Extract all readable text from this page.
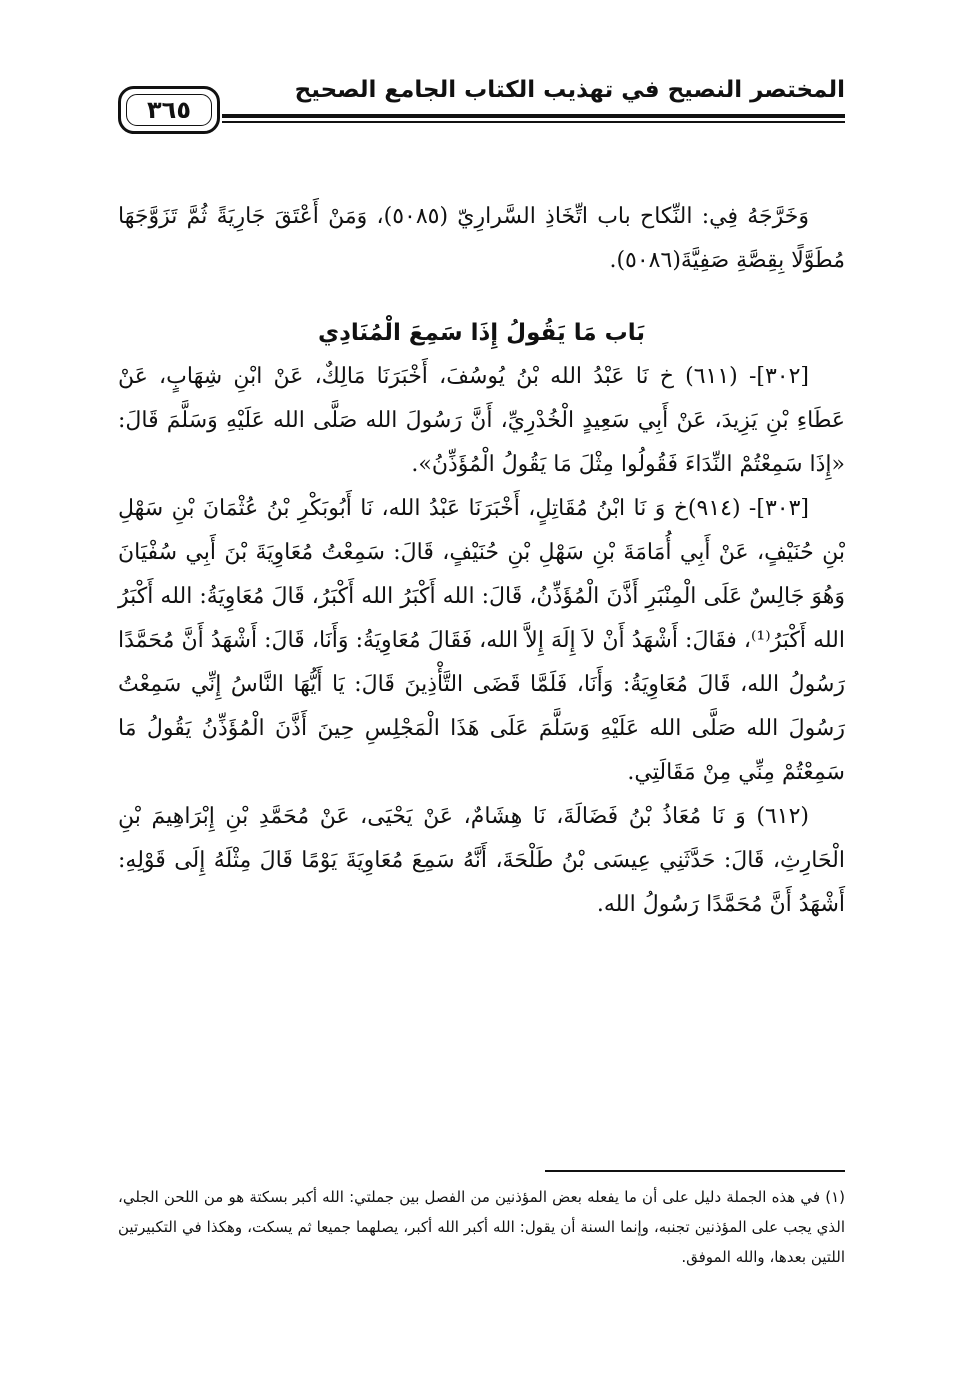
المختصر النصيح في تهذيب الكتاب الجامع الصحيح
٣٦٥

وَخَرَّجَهُ فِي: النِّكاح باب اتِّخَاذِ السَّرارِيّ (٥٠٨٥)، وَمَنْ أَعْتَقَ جَارِيَةً ثُمَّ تَزَوَّجَهَا مُطَوَّلًا بِقِصَّةِ صَفِيَّةَ(٥٠٨٦).

بَاب مَا يَقُولُ إِذَا سَمِعَ الْمُنَادِي

[٣٠٢]- (٦١١) خ نَا عَبْدُ الله بْنُ يُوسُفَ، أَخْبَرَنَا مَالِكٌ، عَنْ ابْنِ شِهَابٍ، عَنْ عَطَاءِ بْنِ يَزِيدَ، عَنْ أَبِي سَعِيدٍ الْخُدْرِيِّ، أَنَّ رَسُولَ الله صَلَّى الله عَلَيْهِ وَسَلَّمَ قَالَ: «إِذَا سَمِعْتُمْ النِّدَاءَ فَقُولُوا مِثْلَ مَا يَقُولُ الْمُؤَذِّنُ».

[٣٠٣]- (٩١٤)خ وَ نَا ابْنُ مُقَاتِلٍ، أَخْبَرَنَا عَبْدُ الله، نَا أَبُوبَكْرِ بْنُ عُثْمَانَ بْنِ سَهْلِ بْنِ حُنَيْفٍ، عَنْ أَبِي أُمَامَةَ بْنِ سَهْلِ بْنِ حُنَيْفٍ، قَالَ: سَمِعْتُ مُعَاوِيَةَ بْنَ أَبِي سُفْيَانَ وَهُوَ جَالِسٌ عَلَى الْمِنْبَرِ أَذَّنَ الْمُؤَذِّنُ، قَالَ: الله أَكْبَرُ الله أَكْبَرُ، قَالَ مُعَاوِيَةُ: الله أَكْبَرُ الله أَكْبَرُ⁽¹⁾، فقَالَ: أَشْهَدُ أَنْ لاَ إِلَهَ إِلاَّ الله، فَقَالَ مُعَاوِيَةُ: وَأَنَا، قَالَ: أَشْهَدُ أَنَّ مُحَمَّدًا رَسُولُ الله، قَالَ مُعَاوِيَةُ: وَأَنَا، فَلَمَّا قَضَى التَّأْذِينَ قَالَ: يَا أَيُّهَا النَّاسُ إِنِّي سَمِعْتُ رَسُولَ الله صَلَّى الله عَلَيْهِ وَسَلَّمَ عَلَى هَذَا الْمَجْلِسِ حِينَ أَذَّنَ الْمُؤَذِّنُ يَقُولُ مَا سَمِعْتُمْ مِنِّي مِنْ مَقَالَتِي.

(٦١٢) وَ نَا مُعَاذُ بْنُ فَضَالَةَ، نَا هِشَامٌ، عَنْ يَحْيَى، عَنْ مُحَمَّدِ بْنِ إِبْرَاهِيمَ بْنِ الْحَارِثِ، قَالَ: حَدَّثَنِي عِيسَى بْنُ طَلْحَةَ، أَنَّهُ سَمِعَ مُعَاوِيَةَ يَوْمًا قَالَ مِثْلَهُ إِلَى قَوْلِهِ: أَشْهَدُ أَنَّ مُحَمَّدًا رَسُولُ الله.

(١) في هذه الجملة دليل على أن ما يفعله بعض المؤذنين من الفصل بين جملتي: الله أكبر بسكتة هو من اللحن الجلي، الذي يجب على المؤذنين تجنبه، وإنما السنة أن يقول: الله أكبر الله أكبر، يصلهما جميعا ثم يسكت، وهكذا في التكبيرتين اللتين بعدها، والله الموفق.
